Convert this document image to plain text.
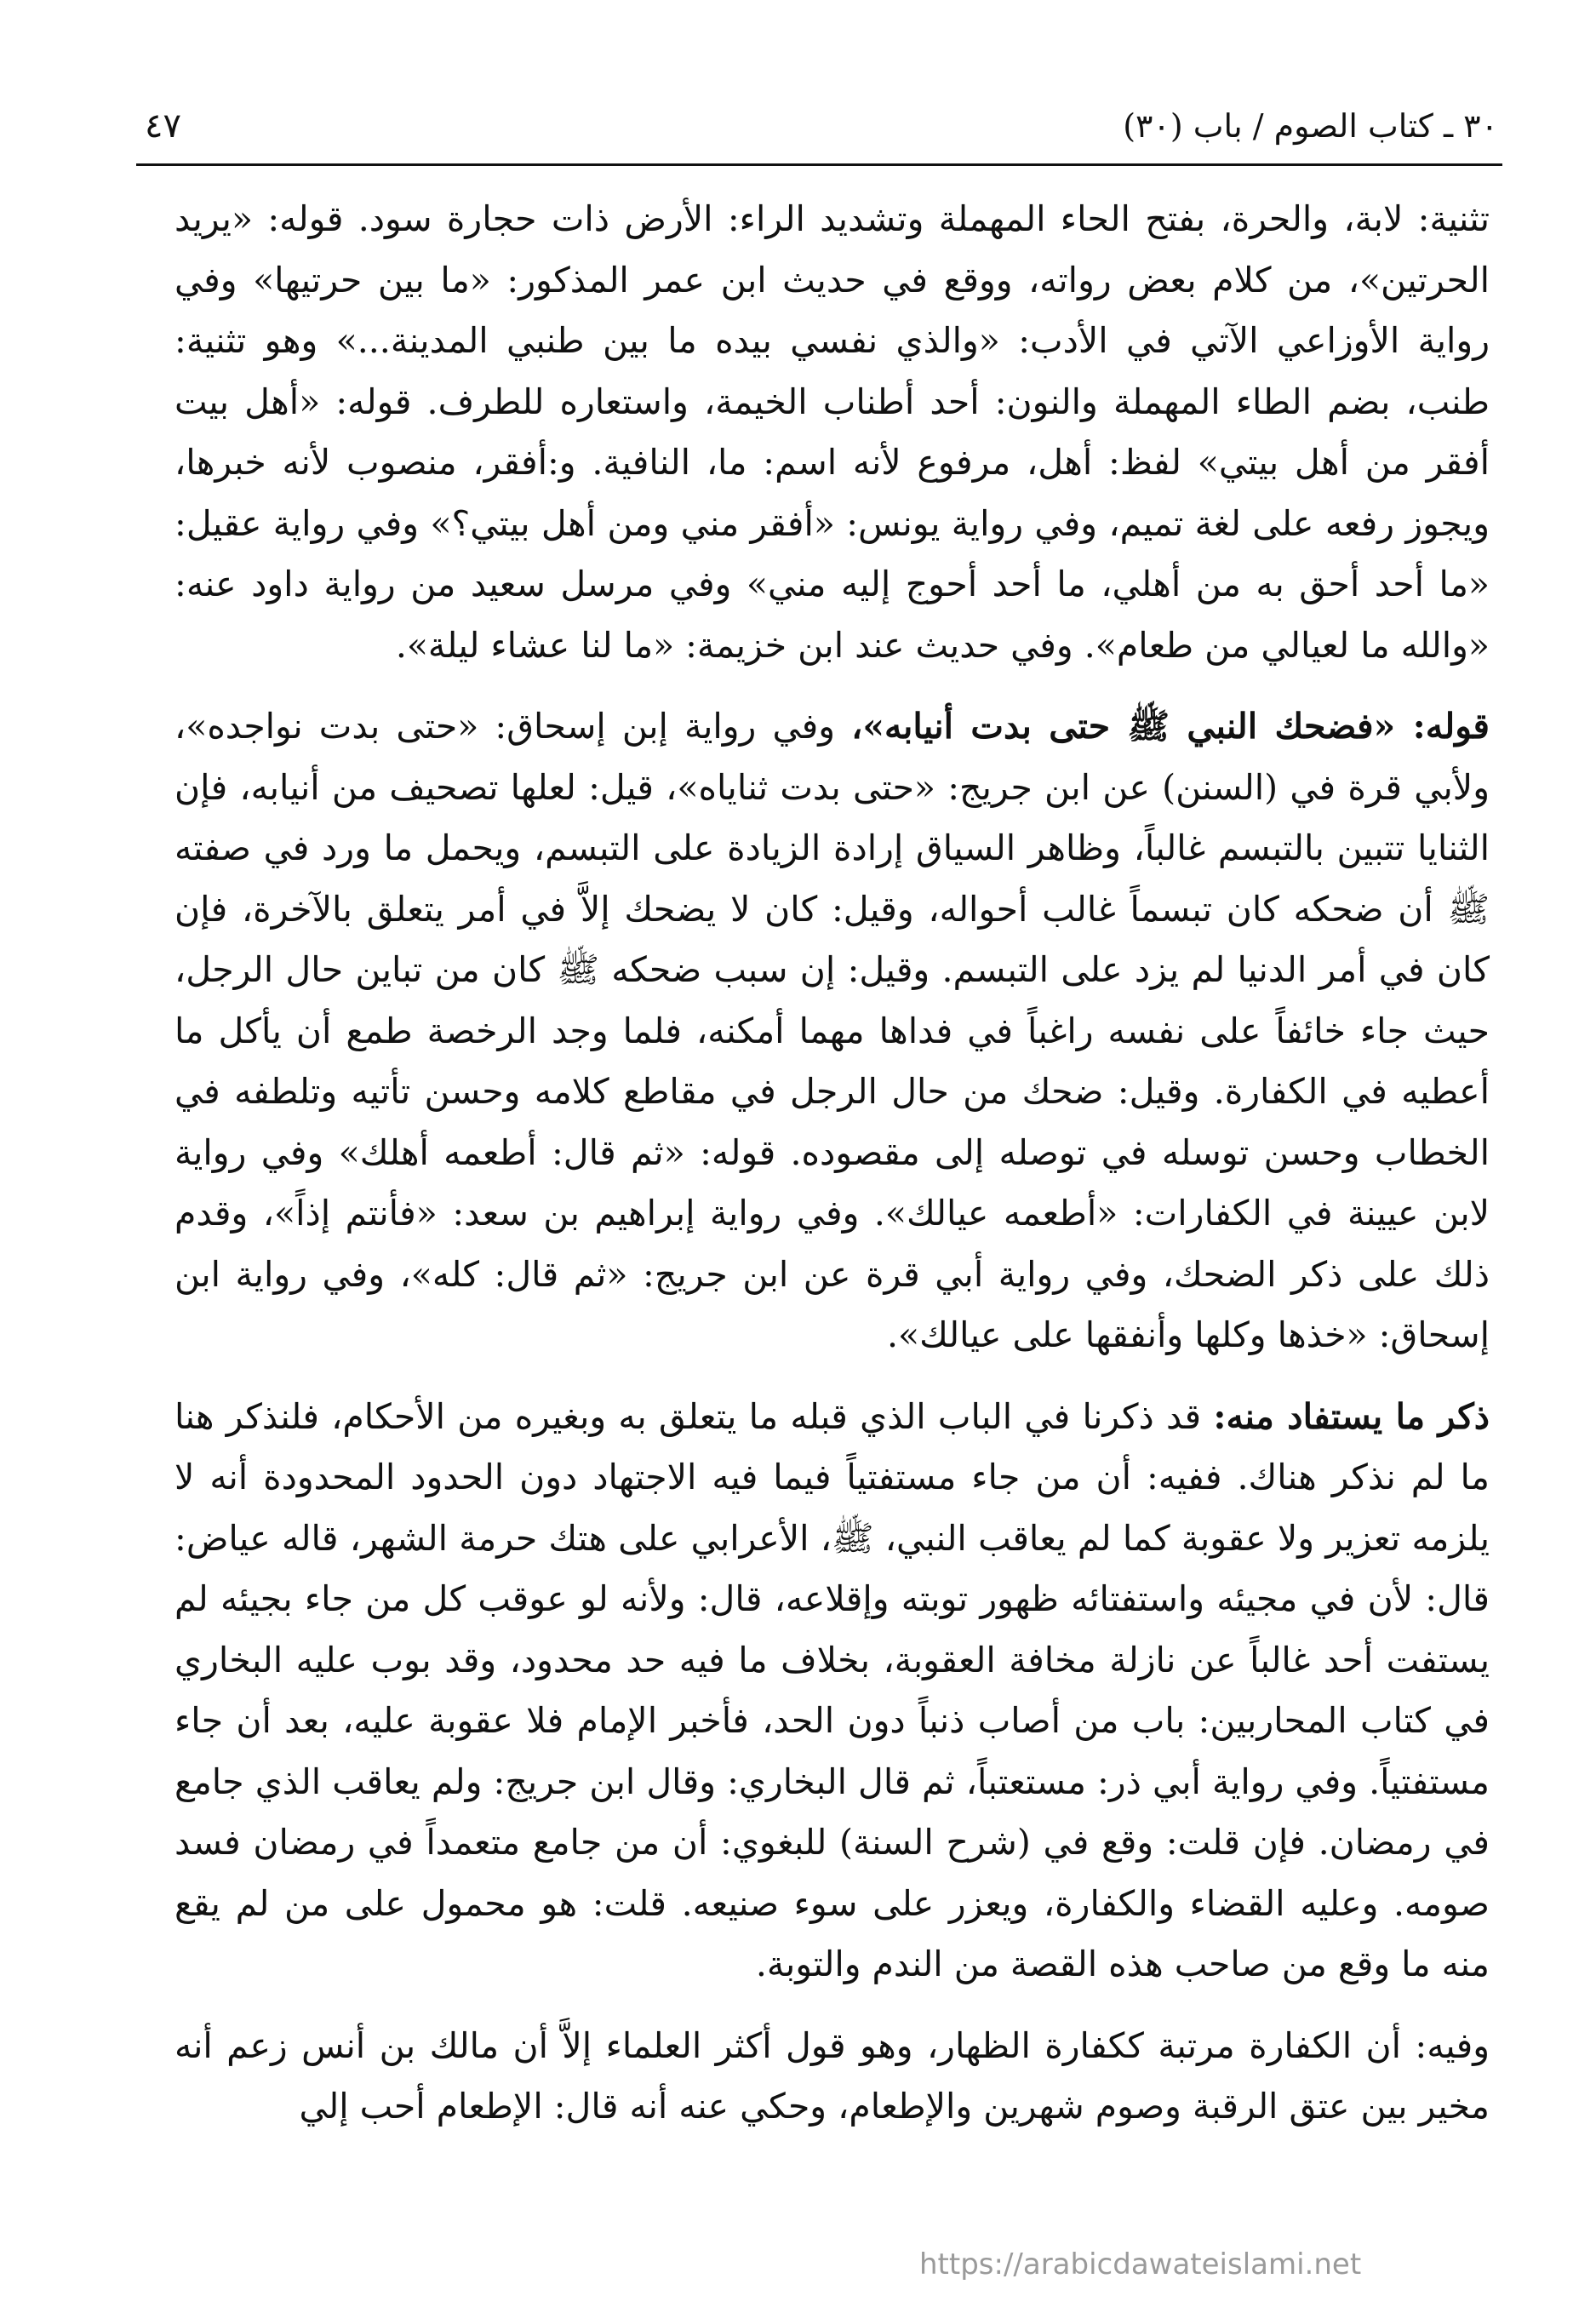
٣٠ ـ كتاب الصوم / باب (٣٠)
٤٧

تثنية: لابة، والحرة، بفتح الحاء المهملة وتشديد الراء: الأرض ذات حجارة سود. قوله: «يريد الحرتين»، من كلام بعض رواته، ووقع في حديث ابن عمر المذكور: «ما بين حرتيها» وفي رواية الأوزاعي الآتي في الأدب: «والذي نفسي بيده ما بين طنبي المدينة...» وهو تثنية: طنب، بضم الطاء المهملة والنون: أحد أطناب الخيمة، واستعاره للطرف. قوله: «أهل بيت أفقر من أهل بيتي» لفظ: أهل، مرفوع لأنه اسم: ما، النافية. و:أفقر، منصوب لأنه خبرها، ويجوز رفعه على لغة تميم، وفي رواية يونس: «أفقر مني ومن أهل بيتي؟» وفي رواية عقيل: «ما أحد أحق به من أهلي، ما أحد أحوج إليه مني» وفي مرسل سعيد من رواية داود عنه: «والله ما لعيالي من طعام». وفي حديث عند ابن خزيمة: «ما لنا عشاء ليلة».

قوله: «فضحك النبي ﷺ حتى بدت أنيابه»، وفي رواية إبن إسحاق: «حتى بدت نواجده»، ولأبي قرة في (السنن) عن ابن جريج: «حتى بدت ثناياه»، قيل: لعلها تصحيف من أنيابه، فإن الثنايا تتبين بالتبسم غالباً، وظاهر السياق إرادة الزيادة على التبسم، ويحمل ما ورد في صفته ﷺ أن ضحكه كان تبسماً غالب أحواله، وقيل: كان لا يضحك إلاَّ في أمر يتعلق بالآخرة، فإن كان في أمر الدنيا لم يزد على التبسم. وقيل: إن سبب ضحكه ﷺ كان من تباين حال الرجل، حيث جاء خائفاً على نفسه راغباً في فداها مهما أمكنه، فلما وجد الرخصة طمع أن يأكل ما أعطيه في الكفارة. وقيل: ضحك من حال الرجل في مقاطع كلامه وحسن تأتيه وتلطفه في الخطاب وحسن توسله في توصله إلى مقصوده. قوله: «ثم قال: أطعمه أهلك» وفي رواية لابن عيينة في الكفارات: «أطعمه عيالك». وفي رواية إبراهيم بن سعد: «فأنتم إذاً»، وقدم ذلك على ذكر الضحك، وفي رواية أبي قرة عن ابن جريج: «ثم قال: كله»، وفي رواية ابن إسحاق: «خذها وكلها وأنفقها على عيالك».

ذكر ما يستفاد منه: قد ذكرنا في الباب الذي قبله ما يتعلق به وبغيره من الأحكام، فلنذكر هنا ما لم نذكر هناك. ففيه: أن من جاء مستفتياً فيما فيه الاجتهاد دون الحدود المحدودة أنه لا يلزمه تعزير ولا عقوبة كما لم يعاقب النبي، ﷺ، الأعرابي على هتك حرمة الشهر، قاله عياض: قال: لأن في مجيئه واستفتائه ظهور توبته وإقلاعه، قال: ولأنه لو عوقب كل من جاء بجيئه لم يستفت أحد غالباً عن نازلة مخافة العقوبة، بخلاف ما فيه حد محدود، وقد بوب عليه البخاري في كتاب المحاربين: باب من أصاب ذنباً دون الحد، فأخبر الإمام فلا عقوبة عليه، بعد أن جاء مستفتياً. وفي رواية أبي ذر: مستعتباً، ثم قال البخاري: وقال ابن جريج: ولم يعاقب الذي جامع في رمضان. فإن قلت: وقع في (شرح السنة) للبغوي: أن من جامع متعمداً في رمضان فسد صومه. وعليه القضاء والكفارة، ويعزر على سوء صنيعه. قلت: هو محمول على من لم يقع منه ما وقع من صاحب هذه القصة من الندم والتوبة.

وفيه: أن الكفارة مرتبة ككفارة الظهار، وهو قول أكثر العلماء إلاَّ أن مالك بن أنس زعم أنه مخير بين عتق الرقبة وصوم شهرين والإطعام، وحكي عنه أنه قال: الإطعام أحب إلي

https://arabicdawateislami.net
